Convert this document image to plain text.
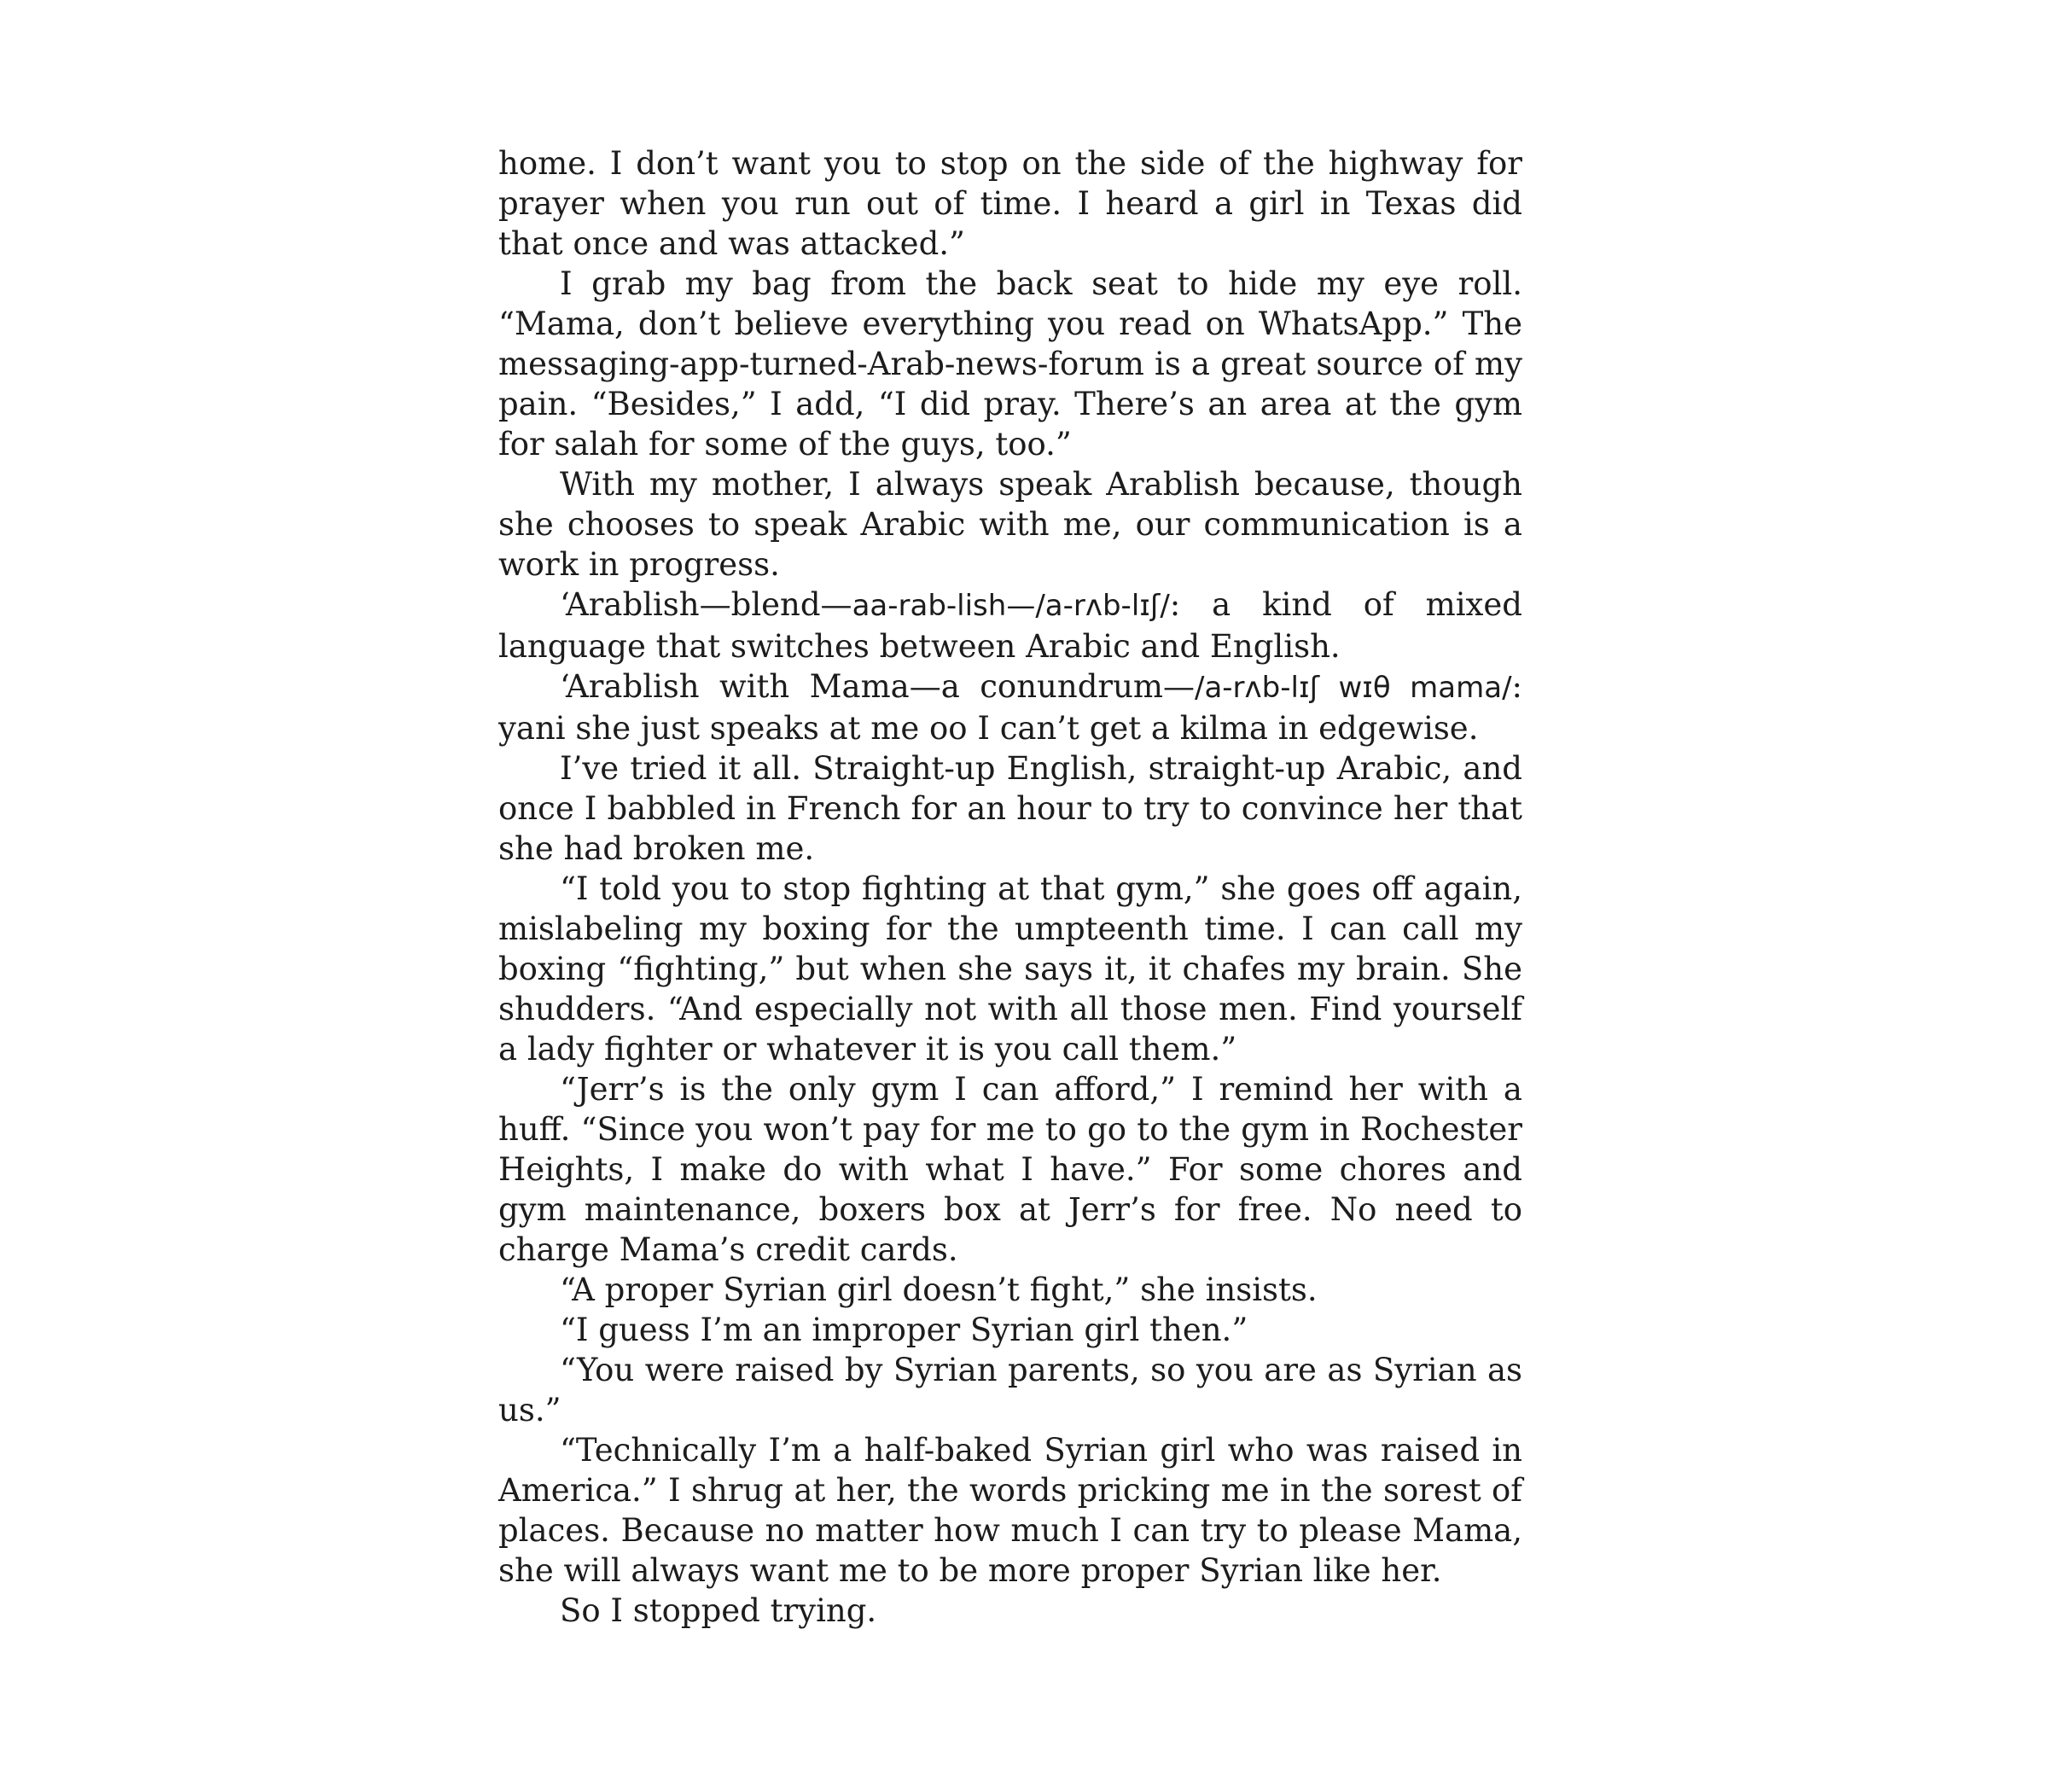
home. I don’t want you to stop on the side of the highway for prayer when you run out of time. I heard a girl in Texas did that once and was attacked.”

I grab my bag from the back seat to hide my eye roll. “Mama, don’t believe everything you read on WhatsApp.” The messaging-app-turned-Arab-news-forum is a great source of my pain. “Besides,” I add, “I did pray. There’s an area at the gym for salah for some of the guys, too.”

With my mother, I always speak Arablish because, though she chooses to speak Arabic with me, our communication is a work in progress.

‘Arablish—blend—aa-rab-lish—/a-rʌb-lɪʃ/: a kind of mixed language that switches between Arabic and English.

‘Arablish with Mama—a conundrum—/a-rʌb-lɪʃ wɪθ mama/: yani she just speaks at me oo I can’t get a kilma in edgewise.

I’ve tried it all. Straight-up English, straight-up Arabic, and once I babbled in French for an hour to try to convince her that she had broken me.

“I told you to stop fighting at that gym,” she goes off again, mislabeling my boxing for the umpteenth time. I can call my boxing “fighting,” but when she says it, it chafes my brain. She shudders. “And especially not with all those men. Find yourself a lady fighter or whatever it is you call them.”

“Jerr’s is the only gym I can afford,” I remind her with a huff. “Since you won’t pay for me to go to the gym in Rochester Heights, I make do with what I have.” For some chores and gym maintenance, boxers box at Jerr’s for free. No need to charge Mama’s credit cards.

“A proper Syrian girl doesn’t fight,” she insists.

“I guess I’m an improper Syrian girl then.”

“You were raised by Syrian parents, so you are as Syrian as us.”

“Technically I’m a half-baked Syrian girl who was raised in America.” I shrug at her, the words pricking me in the sorest of places. Because no matter how much I can try to please Mama, she will always want me to be more proper Syrian like her.

So I stopped trying.
